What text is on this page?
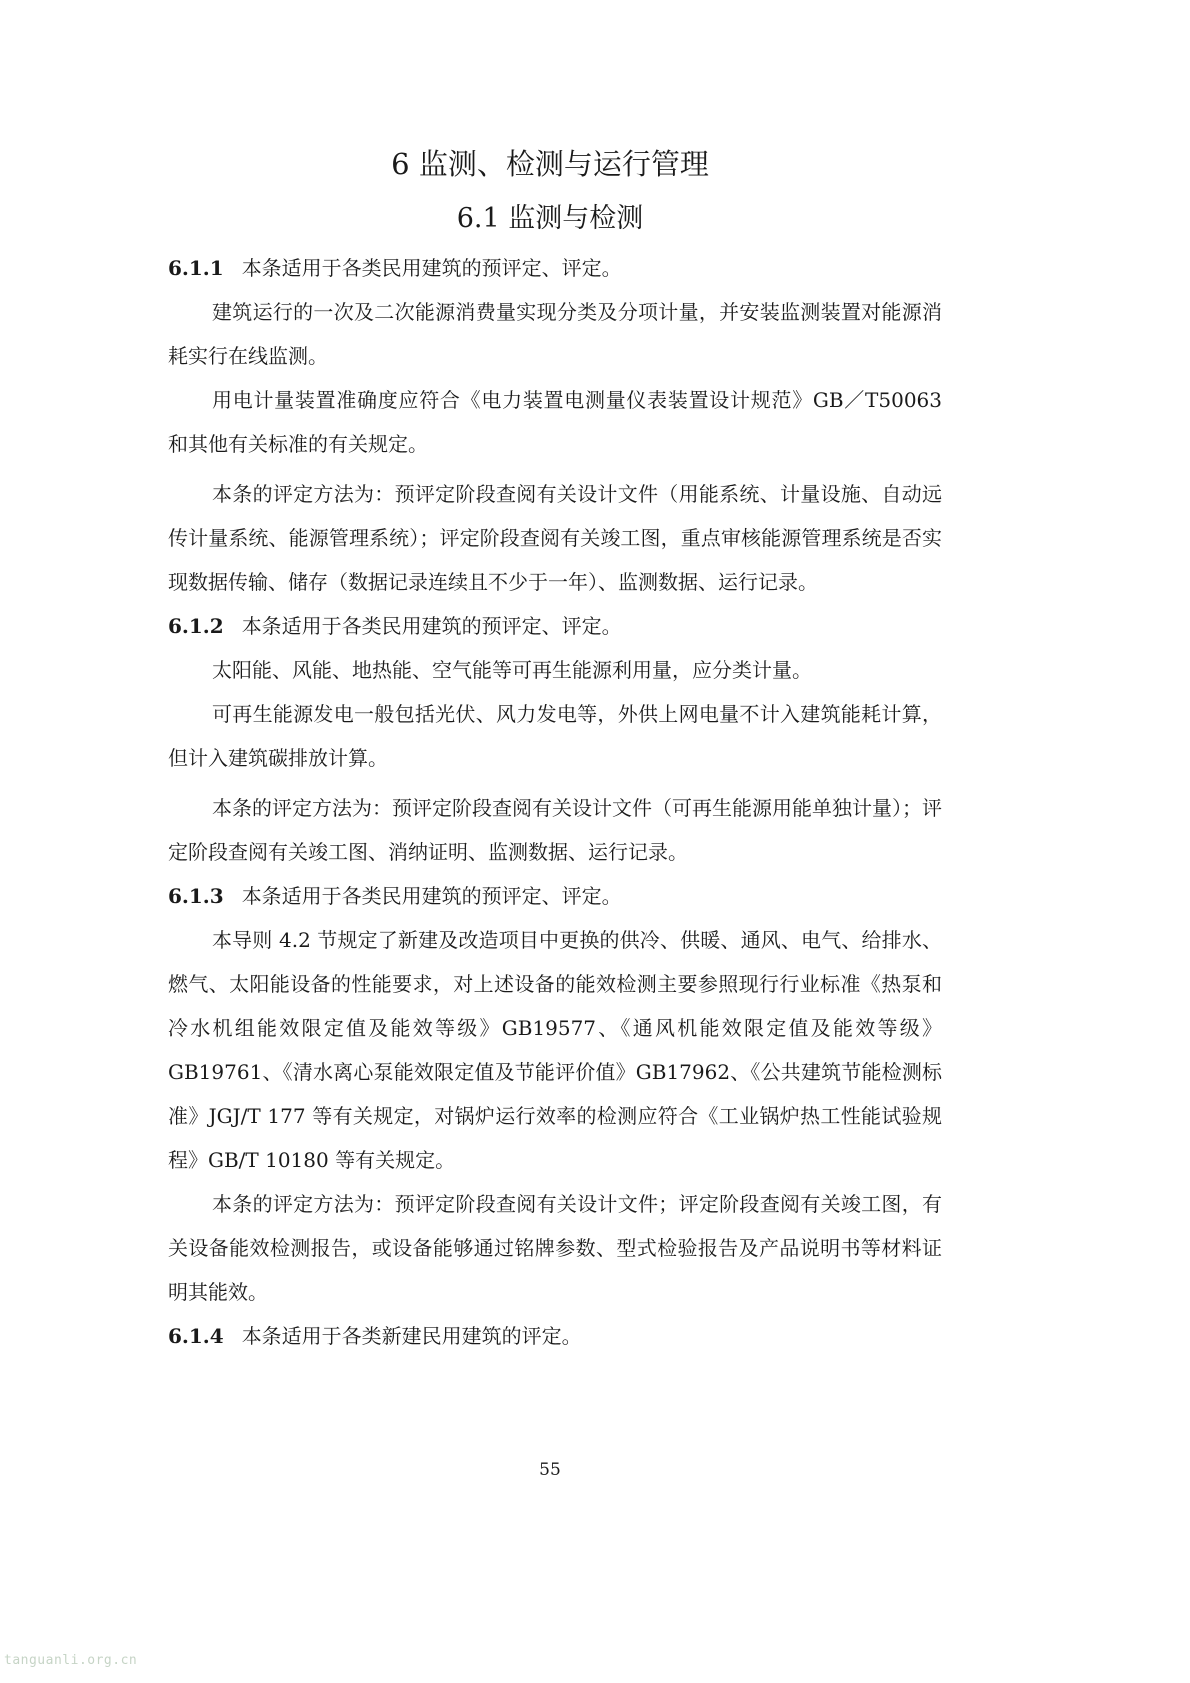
6 监测、检测与运行管理
6.1 监测与检测

6.1.1 本条适用于各类民用建筑的预评定、评定。

建筑运行的一次及二次能源消费量实现分类及分项计量，并安装监测装置对能源消耗实行在线监测。

用电计量装置准确度应符合《电力装置电测量仪表装置设计规范》GB／T50063 和其他有关标准的有关规定。

本条的评定方法为：预评定阶段查阅有关设计文件（用能系统、计量设施、自动远传计量系统、能源管理系统）；评定阶段查阅有关竣工图，重点审核能源管理系统是否实现数据传输、储存（数据记录连续且不少于一年）、监测数据、运行记录。

6.1.2 本条适用于各类民用建筑的预评定、评定。

太阳能、风能、地热能、空气能等可再生能源利用量，应分类计量。

可再生能源发电一般包括光伏、风力发电等，外供上网电量不计入建筑能耗计算，但计入建筑碳排放计算。

本条的评定方法为：预评定阶段查阅有关设计文件（可再生能源用能单独计量）；评定阶段查阅有关竣工图、消纳证明、监测数据、运行记录。

6.1.3 本条适用于各类民用建筑的预评定、评定。

本导则 4.2 节规定了新建及改造项目中更换的供冷、供暖、通风、电气、给排水、燃气、太阳能设备的性能要求，对上述设备的能效检测主要参照现行行业标准《热泵和冷水机组能效限定值及能效等级》GB19577、《通风机能效限定值及能效等级》GB19761、《清水离心泵能效限定值及节能评价值》GB17962、《公共建筑节能检测标准》JGJ/T 177 等有关规定，对锅炉运行效率的检测应符合《工业锅炉热工性能试验规程》GB/T 10180 等有关规定。

本条的评定方法为：预评定阶段查阅有关设计文件；评定阶段查阅有关竣工图，有关设备能效检测报告，或设备能够通过铭牌参数、型式检验报告及产品说明书等材料证明其能效。

6.1.4 本条适用于各类新建民用建筑的评定。

55
tanguanli.org.cn
